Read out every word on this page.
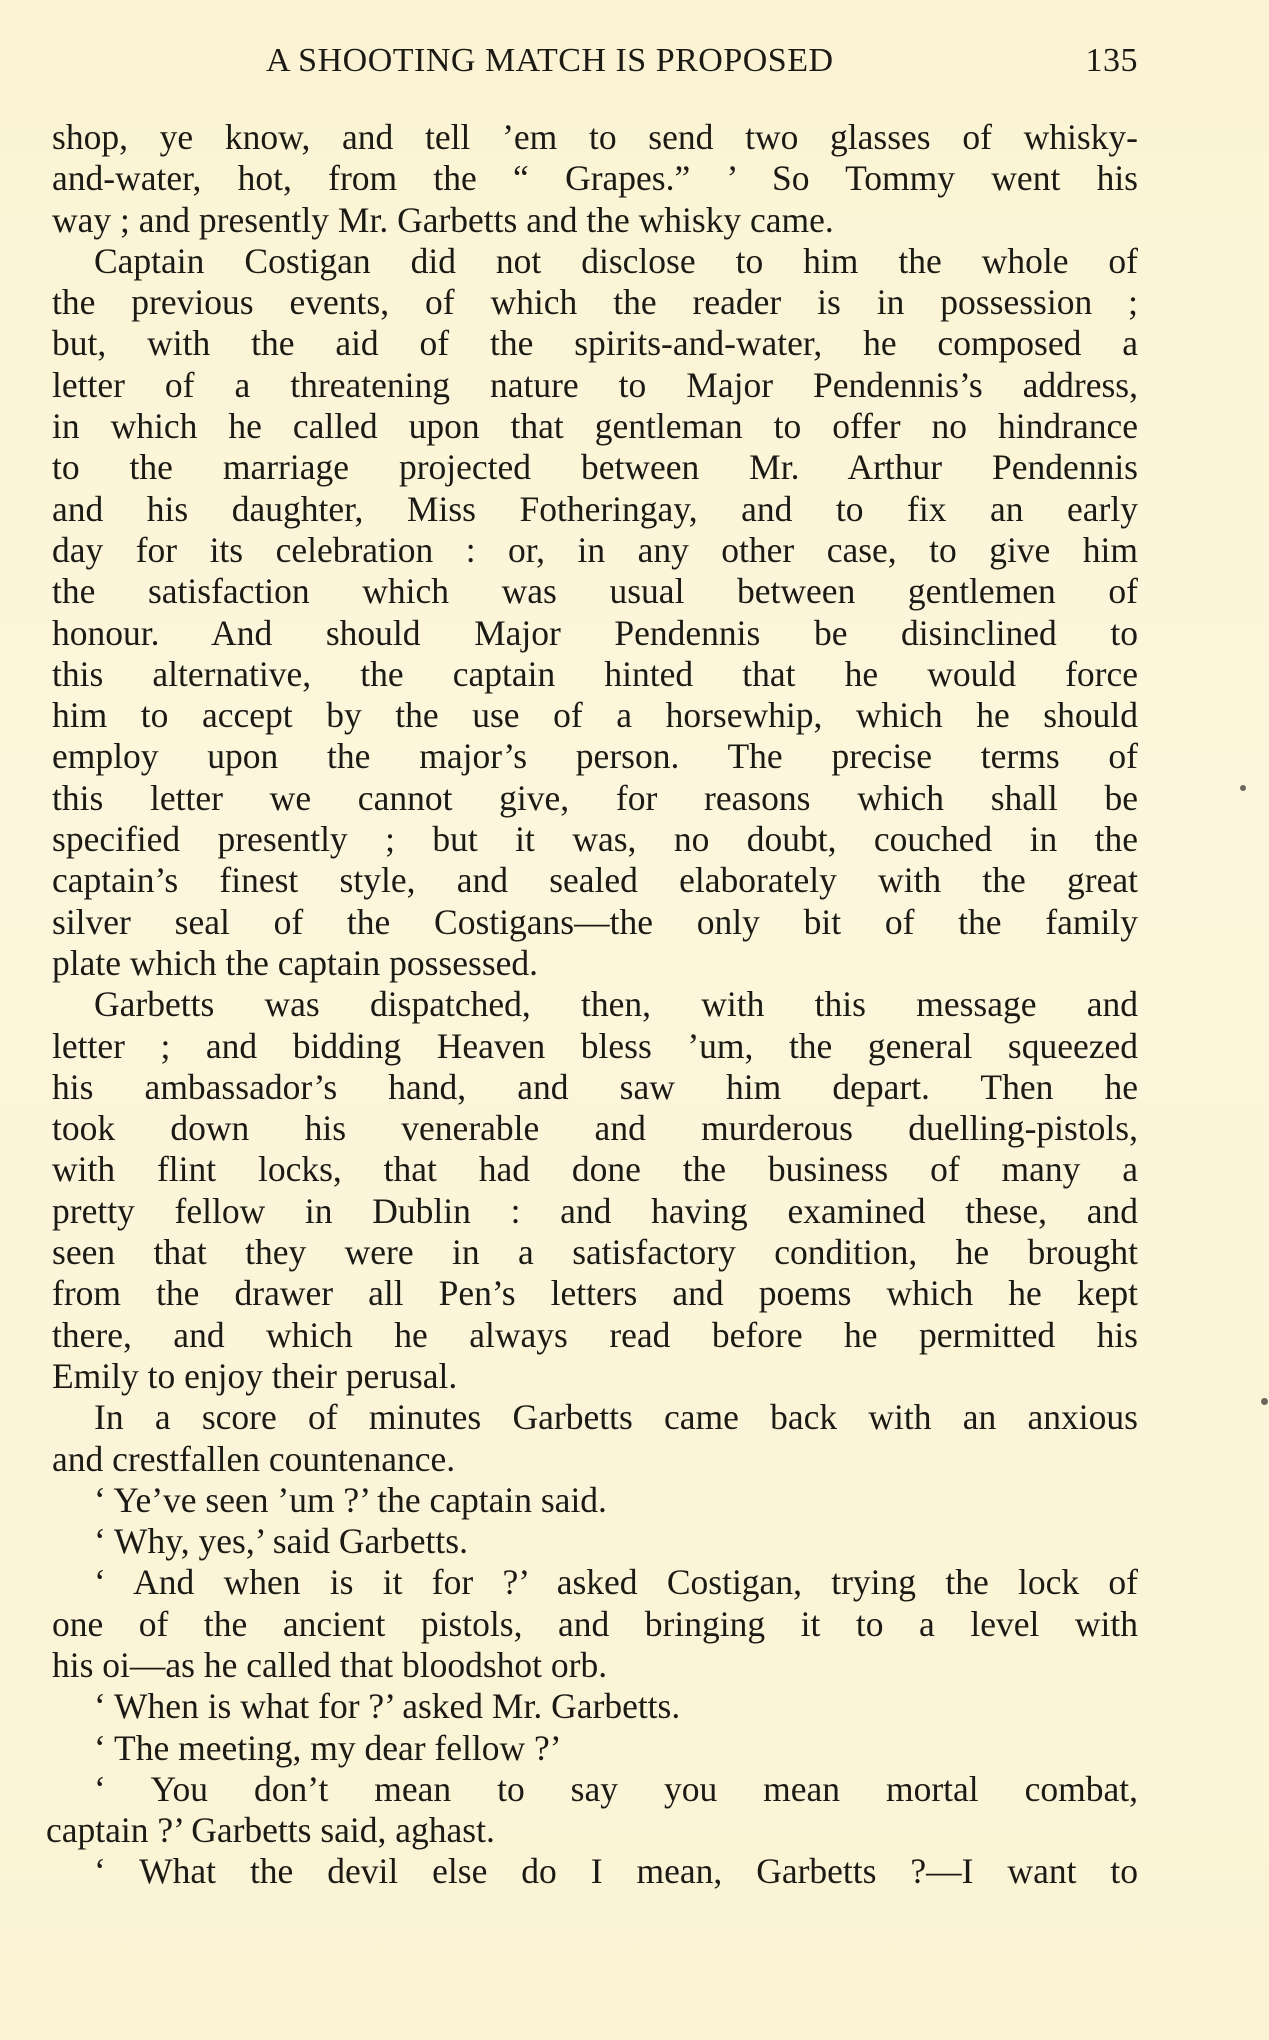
A SHOOTING MATCH IS PROPOSED	135
shop, ye know, and tell ’em to send two glasses of whisky-
and-water, hot, from the “ Grapes.” ’ So Tommy went his
way ; and presently Mr. Garbetts and the whisky came.
Captain Costigan did not disclose to him the whole of
the previous events, of which the reader is in possession ;
but, with the aid of the spirits-and-water, he composed a
letter of a threatening nature to Major Pendennis’s address,
in which he called upon that gentleman to offer no hindrance
to the marriage projected between Mr. Arthur Pendennis
and his daughter, Miss Fotheringay, and to fix an early
day for its celebration : or, in any other case, to give him
the satisfaction which was usual between gentlemen of
honour. And should Major Pendennis be disinclined to
this alternative, the captain hinted that he would force
him to accept by the use of a horsewhip, which he should
employ upon the major’s person. The precise terms of
this letter we cannot give, for reasons which shall be
specified presently ; but it was, no doubt, couched in the
captain’s finest style, and sealed elaborately with the great
silver seal of the Costigans—the only bit of the family
plate which the captain possessed.
Garbetts was dispatched, then, with this message and
letter ; and bidding Heaven bless ’um, the general squeezed
his ambassador’s hand, and saw him depart. Then he
took down his venerable and murderous duelling-pistols,
with flint locks, that had done the business of many a
pretty fellow in Dublin : and having examined these, and
seen that they were in a satisfactory condition, he brought
from the drawer all Pen’s letters and poems which he kept
there, and which he always read before he permitted his
Emily to enjoy their perusal.
In a score of minutes Garbetts came back with an anxious
and crestfallen countenance.
‘ Ye’ve seen ’um ?’ the captain said.
‘ Why, yes,’ said Garbetts.
‘ And when is it for ?’ asked Costigan, trying the lock of
one of the ancient pistols, and bringing it to a level with
his oi—as he called that bloodshot orb.
‘ When is what for ?’ asked Mr. Garbetts.
‘ The meeting, my dear fellow ?’
‘ You don’t mean to say you mean mortal combat,
captain ?’ Garbetts said, aghast.
‘ What the devil else do I mean, Garbetts ?—I want to
